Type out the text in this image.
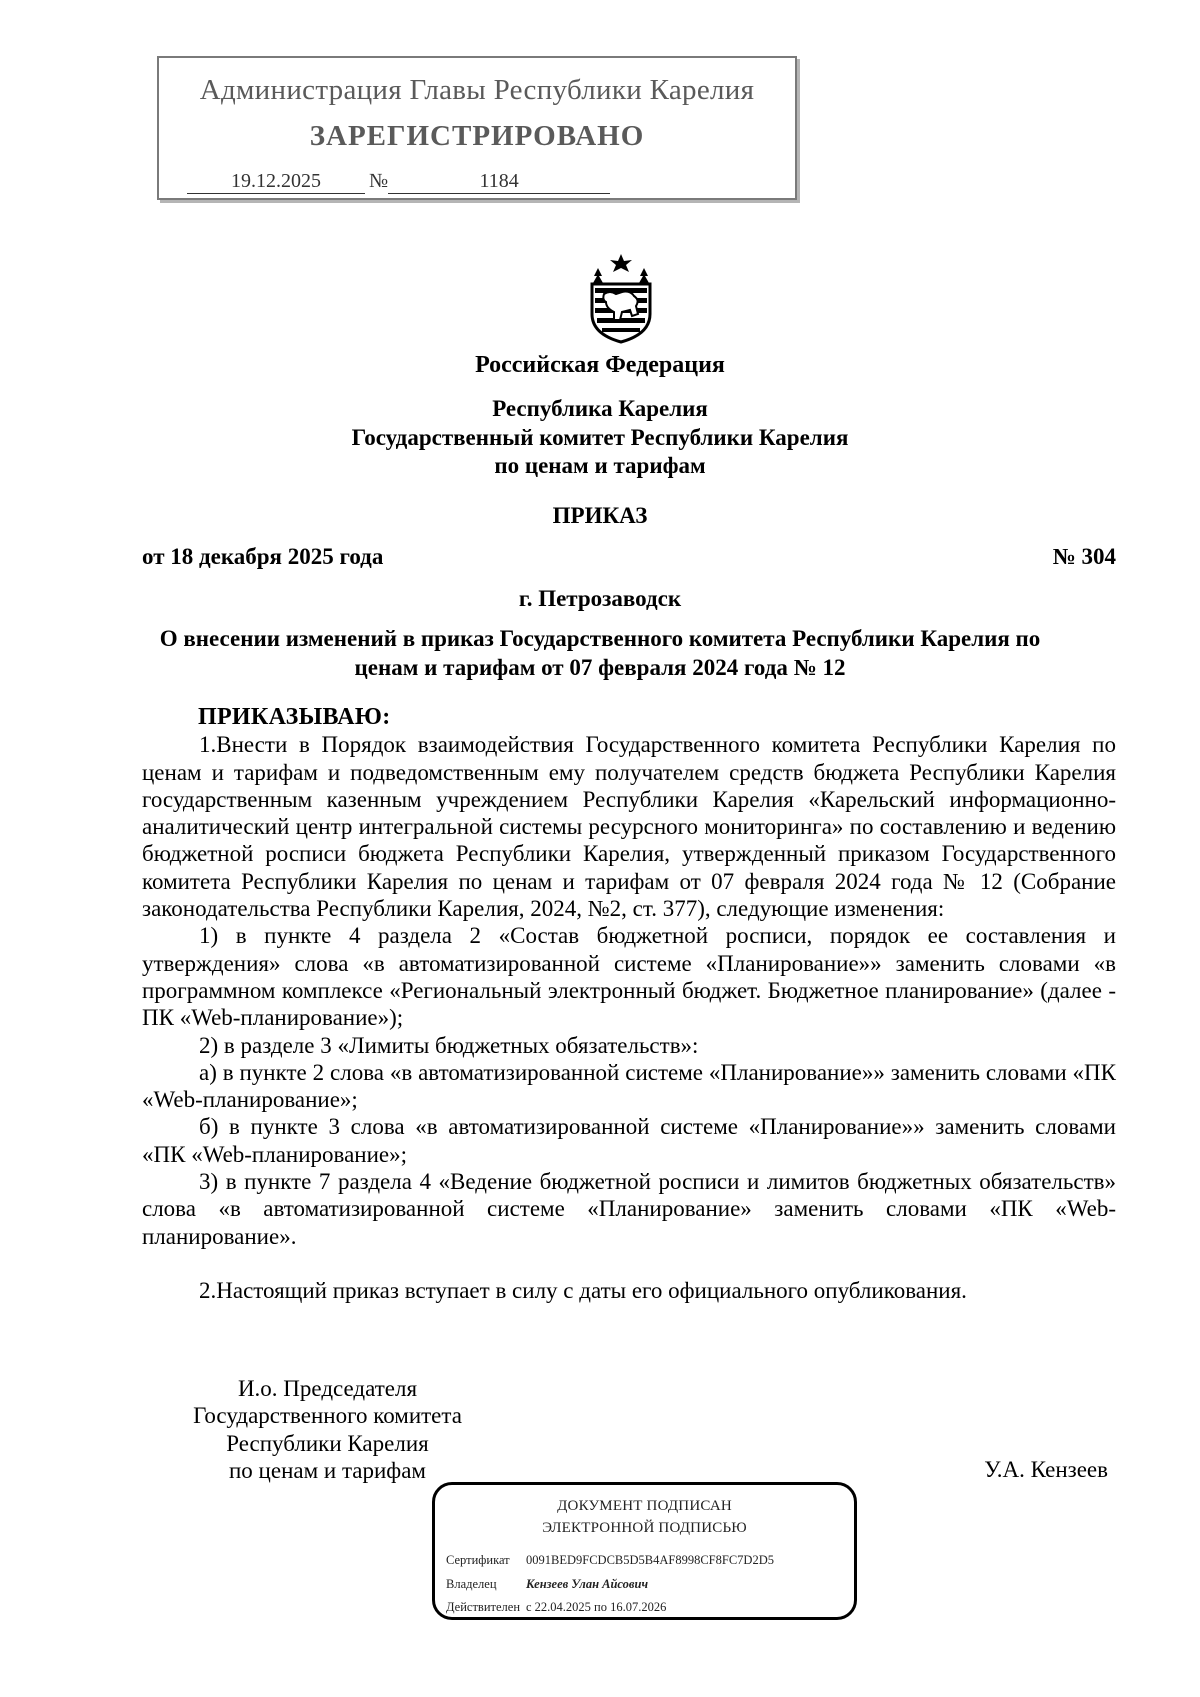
Администрация Главы Республики Карелия
ЗАРЕГИСТРИРОВАНО
19.12.2025 №	1184
Российская Федерация
Республика Карелия
Государственный комитет Республики Карелия
по ценам и тарифам
ПРИКАЗ
от 18 декабря 2025 года	№ 304
г. Петрозаводск
О внесении изменений в приказ Государственного комитета Республики Карелия по
ценам и тарифам от 07 февраля 2024 года № 12

ПРИКАЗЫВАЮ:

1.Внести в Порядок взаимодействия Государственного комитета Республики Карелия по ценам и тарифам и подведомственным ему получателем средств бюджета Республики Карелия государственным казенным учреждением Республики Карелия «Карельский информационно-аналитический центр интегральной системы ресурсного мониторинга» по составлению и ведению бюджетной росписи бюджета Республики Карелия, утвержденный приказом Государственного комитета Республики Карелия по ценам и тарифам от 07 февраля 2024 года № 12 (Собрание законодательства Республики Карелия, 2024, №2, ст. 377), следующие изменения:

1) в пункте 4 раздела 2 «Состав бюджетной росписи, порядок ее составления и утверждения» слова «в автоматизированной системе «Планирование»» заменить словами «в программном комплексе «Региональный электронный бюджет. Бюджетное планирование» (далее - ПК «Web-планирование»);

2) в разделе 3 «Лимиты бюджетных обязательств»:

а) в пункте 2 слова «в автоматизированной системе «Планирование»» заменить словами «ПК «Web-планирование»;

б) в пункте 3 слова «в автоматизированной системе «Планирование»» заменить словами «ПК «Web-планирование»;

3) в пункте 7 раздела 4 «Ведение бюджетной росписи и лимитов бюджетных обязательств» слова «в автоматизированной системе «Планирование» заменить словами «ПК «Web-планирование».

2.Настоящий приказ вступает в силу с даты его официального опубликования.

И.о. Председателя
Государственного комитета
Республики Карелия
по ценам и тарифам	У.А. Кензеев
ДОКУМЕНТ ПОДПИСАН
ЭЛЕКТРОННОЙ ПОДПИСЬЮ
Сертификат 0091BED9FCDCB5D5B4AF8998CF8FC7D2D5
Владелец Кензеев Улан Айсович
Действителен с 22.04.2025 по 16.07.2026
